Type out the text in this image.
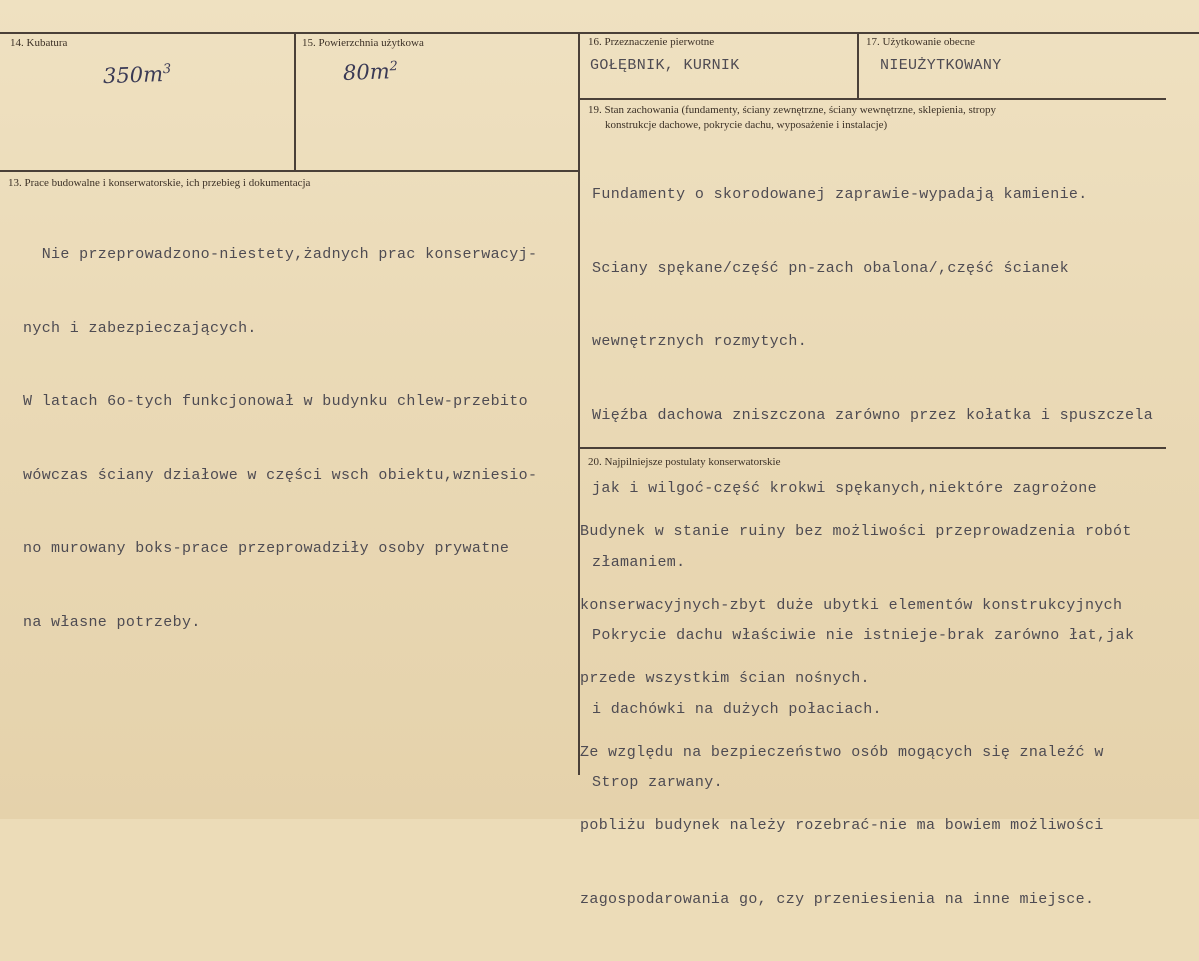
14. Kubatura
$350m^3$
15. Powierzchnia użytkowa
$80m^2$
16. Przeznaczenie pierwotne
GOŁĘBNIK, KURNIK
17. Użytkowanie obecne
NIEUŻYTKOWANY
13. Prace budowalne i konserwatorskie, ich przebieg i dokumentacja

Nie przeprowadzono-niestety,żadnych prac konserwacyj-

nych i zabezpieczających.

W latach 6o-tych funkcjonował w budynku chlew-przebito

wówczas ściany działowe w części wsch obiektu,wzniesio-

no murowany boks-prace przeprowadziły osoby prywatne

na własne potrzeby.

19. Stan zachowania (fundamenty, ściany zewnętrzne, ściany wewnętrzne, sklepienia, stropy
konstrukcje dachowe, pokrycie dachu, wyposażenie i instalacje)

Fundamenty o skorodowanej zaprawie-wypadają kamienie.

Sciany spękane/część pn-zach obalona/,część ścianek

wewnętrznych rozmytych.

Więźba dachowa zniszczona zarówno przez kołatka i spuszczela

jak i wilgoć-część krokwi spękanych,niektóre zagrożone

złamaniem.

Pokrycie dachu właściwie nie istnieje-brak zarówno łat,jak

i dachówki na dużych połaciach.

Strop zarwany.

20. Najpilniejsze postulaty konserwatorskie

Budynek w stanie ruiny bez możliwości przeprowadzenia robót

konserwacyjnych-zbyt duże ubytki elementów konstrukcyjnych

przede wszystkim ścian nośnych.

Ze względu na bezpieczeństwo osób mogących się znaleźć w

pobliżu budynek należy rozebrać-nie ma bowiem możliwości

zagospodarowania go, czy przeniesienia na inne miejsce.
